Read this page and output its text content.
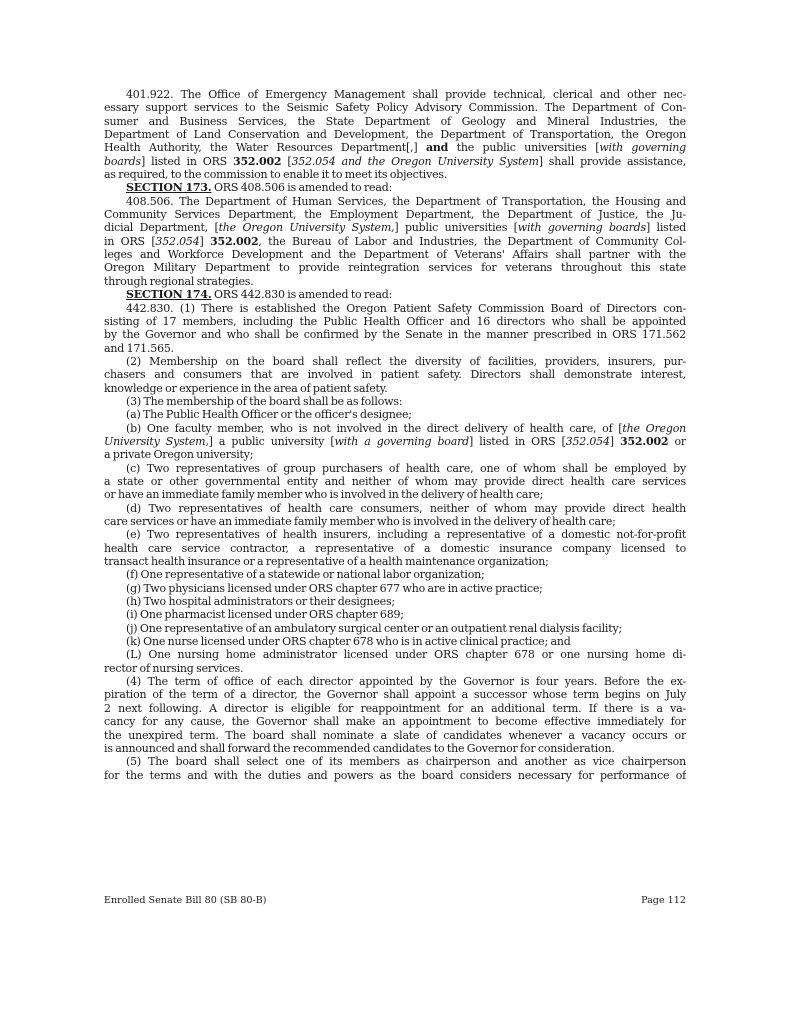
401.922. The Office of Emergency Management shall provide technical, clerical and other nec-
essary support services to the Seismic Safety Policy Advisory Commission. The Department of Con-
sumer and Business Services, the State Department of Geology and Mineral Industries, the
Department of Land Conservation and Development, the Department of Transportation, the Oregon
Health Authority, the Water Resources Department[,] and the public universities [with governing
boards] listed in ORS 352.002 [352.054 and the Oregon University System] shall provide assistance,
as required, to the commission to enable it to meet its objectives.
SECTION 173. ORS 408.506 is amended to read:
408.506. The Department of Human Services, the Department of Transportation, the Housing and
Community Services Department, the Employment Department, the Department of Justice, the Ju-
dicial Department, [the Oregon University System,] public universities [with governing boards] listed
in ORS [352.054] 352.002, the Bureau of Labor and Industries, the Department of Community Col-
leges and Workforce Development and the Department of Veterans' Affairs shall partner with the
Oregon Military Department to provide reintegration services for veterans throughout this state
through regional strategies.
SECTION 174. ORS 442.830 is amended to read:
442.830. (1) There is established the Oregon Patient Safety Commission Board of Directors con-
sisting of 17 members, including the Public Health Officer and 16 directors who shall be appointed
by the Governor and who shall be confirmed by the Senate in the manner prescribed in ORS 171.562
and 171.565.
(2) Membership on the board shall reflect the diversity of facilities, providers, insurers, pur-
chasers and consumers that are involved in patient safety. Directors shall demonstrate interest,
knowledge or experience in the area of patient safety.
(3) The membership of the board shall be as follows:
(a) The Public Health Officer or the officer's designee;
(b) One faculty member, who is not involved in the direct delivery of health care, of [the Oregon
University System,] a public university [with a governing board] listed in ORS [352.054] 352.002 or
a private Oregon university;
(c) Two representatives of group purchasers of health care, one of whom shall be employed by
a state or other governmental entity and neither of whom may provide direct health care services
or have an immediate family member who is involved in the delivery of health care;
(d) Two representatives of health care consumers, neither of whom may provide direct health
care services or have an immediate family member who is involved in the delivery of health care;
(e) Two representatives of health insurers, including a representative of a domestic not-for-profit
health care service contractor, a representative of a domestic insurance company licensed to
transact health insurance or a representative of a health maintenance organization;
(f) One representative of a statewide or national labor organization;
(g) Two physicians licensed under ORS chapter 677 who are in active practice;
(h) Two hospital administrators or their designees;
(i) One pharmacist licensed under ORS chapter 689;
(j) One representative of an ambulatory surgical center or an outpatient renal dialysis facility;
(k) One nurse licensed under ORS chapter 678 who is in active clinical practice; and
(L) One nursing home administrator licensed under ORS chapter 678 or one nursing home di-
rector of nursing services.
(4) The term of office of each director appointed by the Governor is four years. Before the ex-
piration of the term of a director, the Governor shall appoint a successor whose term begins on July
2 next following. A director is eligible for reappointment for an additional term. If there is a va-
cancy for any cause, the Governor shall make an appointment to become effective immediately for
the unexpired term. The board shall nominate a slate of candidates whenever a vacancy occurs or
is announced and shall forward the recommended candidates to the Governor for consideration.
(5) The board shall select one of its members as chairperson and another as vice chairperson
for the terms and with the duties and powers as the board considers necessary for performance of
Enrolled Senate Bill 80 (SB 80-B)	Page 112
